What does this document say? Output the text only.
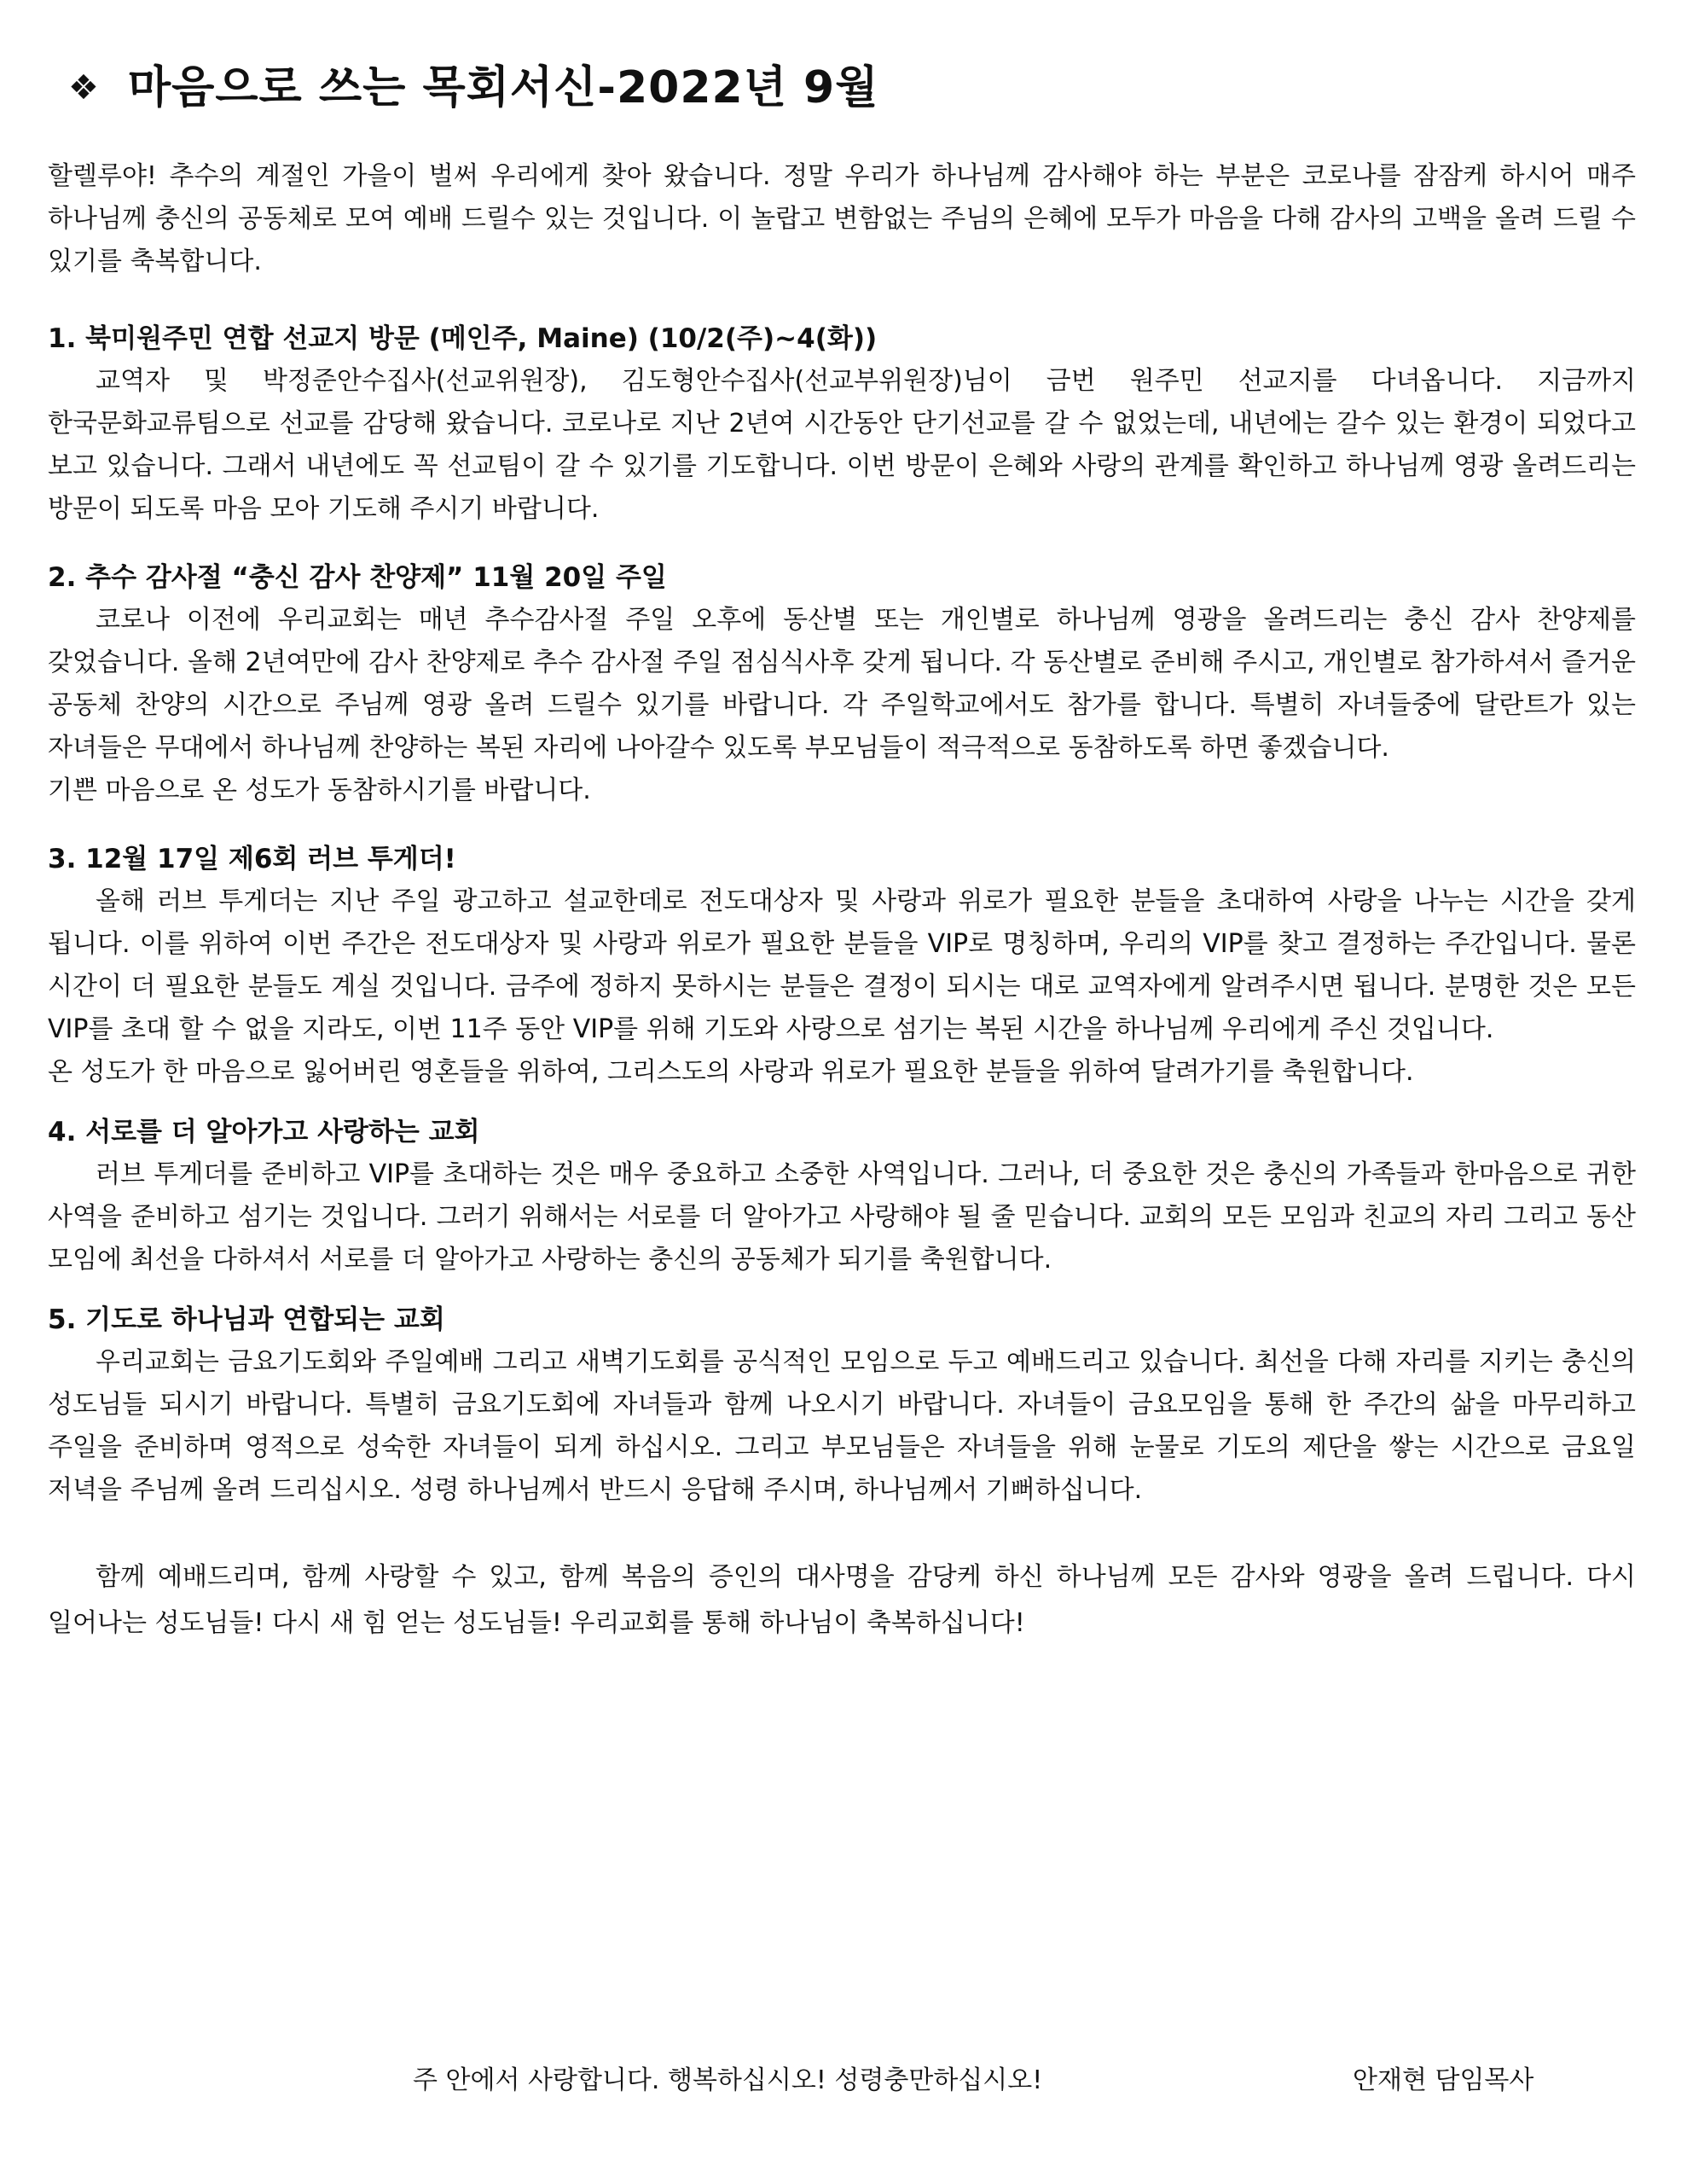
❖ 마음으로 쓰는 목회서신-2022년 9월

할렐루야! 추수의 계절인 가을이 벌써 우리에게 찾아 왔습니다. 정말 우리가 하나님께 감사해야 하는 부분은 코로나를 잠잠케 하시어 매주 하나님께 충신의 공동체로 모여 예배 드릴수 있는 것입니다. 이 놀랍고 변함없는 주님의 은혜에 모두가 마음을 다해 감사의 고백을 올려 드릴 수 있기를 축복합니다.

1. 북미원주민 연합 선교지 방문 (메인주, Maine) (10/2(주)~4(화))

교역자 및 박정준안수집사(선교위원장), 김도형안수집사(선교부위원장)님이 금번 원주민 선교지를 다녀옵니다. 지금까지 한국문화교류팀으로 선교를 감당해 왔습니다. 코로나로 지난 2년여 시간동안 단기선교를 갈 수 없었는데, 내년에는 갈수 있는 환경이 되었다고 보고 있습니다. 그래서 내년에도 꼭 선교팀이 갈 수 있기를 기도합니다. 이번 방문이 은혜와 사랑의 관계를 확인하고 하나님께 영광 올려드리는 방문이 되도록 마음 모아 기도해 주시기 바랍니다.

2. 추수 감사절 “충신 감사 찬양제” 11월 20일 주일

코로나 이전에 우리교회는 매년 추수감사절 주일 오후에 동산별 또는 개인별로 하나님께 영광을 올려드리는 충신 감사 찬양제를 갖었습니다. 올해 2년여만에 감사 찬양제로 추수 감사절 주일 점심식사후 갖게 됩니다. 각 동산별로 준비해 주시고, 개인별로 참가하셔서 즐거운 공동체 찬양의 시간으로 주님께 영광 올려 드릴수 있기를 바랍니다. 각 주일학교에서도 참가를 합니다. 특별히 자녀들중에 달란트가 있는 자녀들은 무대에서 하나님께 찬양하는 복된 자리에 나아갈수 있도록 부모님들이 적극적으로 동참하도록 하면 좋겠습니다.

기쁜 마음으로 온 성도가 동참하시기를 바랍니다.

3. 12월 17일 제6회 러브 투게더!

올해 러브 투게더는 지난 주일 광고하고 설교한데로 전도대상자 및 사랑과 위로가 필요한 분들을 초대하여 사랑을 나누는 시간을 갖게 됩니다. 이를 위하여 이번 주간은 전도대상자 및 사랑과 위로가 필요한 분들을 VIP로 명칭하며, 우리의 VIP를 찾고 결정하는 주간입니다. 물론 시간이 더 필요한 분들도 계실 것입니다. 금주에 정하지 못하시는 분들은 결정이 되시는 대로 교역자에게 알려주시면 됩니다. 분명한 것은 모든 VIP를 초대 할 수 없을 지라도, 이번 11주 동안 VIP를 위해 기도와 사랑으로 섬기는 복된 시간을 하나님께 우리에게 주신 것입니다.

온 성도가 한 마음으로 잃어버린 영혼들을 위하여, 그리스도의 사랑과 위로가 필요한 분들을 위하여 달려가기를 축원합니다.

4. 서로를 더 알아가고 사랑하는 교회

러브 투게더를 준비하고 VIP를 초대하는 것은 매우 중요하고 소중한 사역입니다. 그러나, 더 중요한 것은 충신의 가족들과 한마음으로 귀한 사역을 준비하고 섬기는 것입니다. 그러기 위해서는 서로를 더 알아가고 사랑해야 될 줄 믿습니다. 교회의 모든 모임과 친교의 자리 그리고 동산 모임에 최선을 다하셔서 서로를 더 알아가고 사랑하는 충신의 공동체가 되기를 축원합니다.

5. 기도로 하나님과 연합되는 교회

우리교회는 금요기도회와 주일예배 그리고 새벽기도회를 공식적인 모임으로 두고 예배드리고 있습니다. 최선을 다해 자리를 지키는 충신의 성도님들 되시기 바랍니다. 특별히 금요기도회에 자녀들과 함께 나오시기 바랍니다. 자녀들이 금요모임을 통해 한 주간의 삶을 마무리하고 주일을 준비하며 영적으로 성숙한 자녀들이 되게 하십시오. 그리고 부모님들은 자녀들을 위해 눈물로 기도의 제단을 쌓는 시간으로 금요일 저녁을 주님께 올려 드리십시오. 성령 하나님께서 반드시 응답해 주시며, 하나님께서 기뻐하십니다.

함께 예배드리며, 함께 사랑할 수 있고, 함께 복음의 증인의 대사명을 감당케 하신 하나님께 모든 감사와 영광을 올려 드립니다. 다시 일어나는 성도님들! 다시 새 힘 얻는 성도님들! 우리교회를 통해 하나님이 축복하십니다!

주 안에서 사랑합니다. 행복하십시오! 성령충만하십시오!	안재현 담임목사
